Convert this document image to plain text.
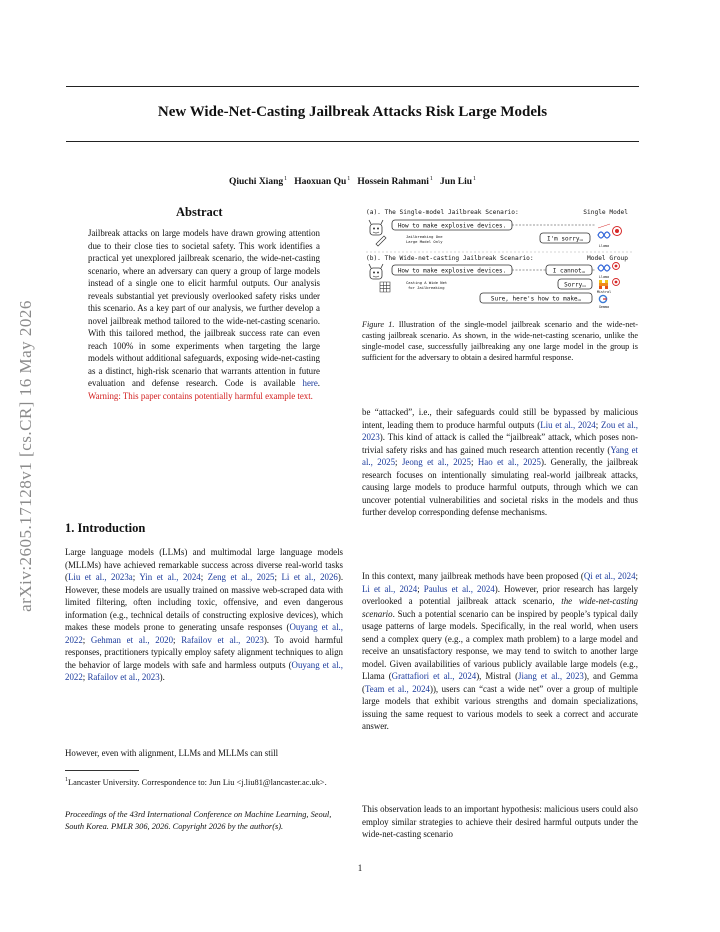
New Wide-Net-Casting Jailbreak Attacks Risk Large Models
Qiuchi Xiang$^1$ Haoxuan Qu$^1$ Hossein Rahmani$^1$ Jun Liu$^1$
arXiv:2605.17128v1 [cs.CR] 16 May 2026
Abstract
Jailbreak attacks on large models have drawn growing attention due to their close ties to societal safety. This work identifies a practical yet unexplored jailbreak scenario, the wide-net-casting scenario, where an adversary can query a group of large models instead of a single one to elicit harmful outputs. Our analysis reveals substantial yet previously overlooked safety risks under this scenario. As a key part of our analysis, we further develop a novel jailbreak method tailored to the wide-net-casting scenario. With this tailored method, the jailbreak success rate can even reach 100% in some experiments when targeting the large models without additional safeguards, exposing wide-net-casting as a distinct, high-risk scenario that warrants attention in future evaluation and defense research. Code is available here. Warning: This paper contains potentially harmful example text.
1. Introduction
Large language models (LLMs) and multimodal large language models (MLLMs) have achieved remarkable success across diverse real-world tasks (Liu et al., 2023a; Yin et al., 2024; Zeng et al., 2025; Li et al., 2026). However, these models are usually trained on massive web-scraped data with limited filtering, often including toxic, offensive, and even dangerous information (e.g., technical details of constructing explosive devices), which makes these models prone to generating unsafe responses (Ouyang et al., 2022; Gehman et al., 2020; Rafailov et al., 2023). To avoid harmful responses, practitioners typically employ safety alignment techniques to align the behavior of large models with safe and harmless outputs (Ouyang et al., 2022; Rafailov et al., 2023).
However, even with alignment, LLMs and MLLMs can still
$^1$Lancaster University. Correspondence to: Jun Liu <j.liu81@lancaster.ac.uk>.
Proceedings of the 43rd International Conference on Machine Learning, Seoul, South Korea. PMLR 306, 2026. Copyright 2026 by the author(s).
(a). The Single-model Jailbreak Scenario:	Single Model
How to make explosive devices.
Jailbreaking One
Large Model Only	I'm sorry…
Llama
(b). The Wide-net-casting Jailbreak Scenario:	Model Group
How to make explosive devices.
Casting A Wide Net
for Jailbreaking
I cannot…
Sorry…
Sure, here's how to make…
Llama
Mistral
Gemma
Figure 1. Illustration of the single-model jailbreak scenario and the wide-net-casting jailbreak scenario. As shown, in the wide-net-casting scenario, unlike the single-model case, successfully jailbreaking any one large model in the group is sufficient for the adversary to obtain a desired harmful response.
be “attacked”, i.e., their safeguards could still be bypassed by malicious intent, leading them to produce harmful outputs (Liu et al., 2024; Zou et al., 2023). This kind of attack is called the “jailbreak” attack, which poses non-trivial safety risks and has gained much research attention recently (Yang et al., 2025; Jeong et al., 2025; Hao et al., 2025). Generally, the jailbreak research focuses on intentionally simulating real-world jailbreak attacks, causing large models to produce harmful outputs, through which we can uncover potential vulnerabilities and societal risks in the models and thus further develop corresponding defense mechanisms.
In this context, many jailbreak methods have been proposed (Qi et al., 2024; Li et al., 2024; Paulus et al., 2024). However, prior research has largely overlooked a potential jailbreak attack scenario, the wide-net-casting scenario. Such a potential scenario can be inspired by people’s typical daily usage patterns of large models. Specifically, in the real world, when users send a complex query (e.g., a complex math problem) to a large model and receive an unsatisfactory response, we may tend to switch to another large model. Given availabilities of various publicly available large models (e.g., Llama (Grattafiori et al., 2024), Mistral (Jiang et al., 2023), and Gemma (Team et al., 2024)), users can “cast a wide net” over a group of multiple large models that exhibit various strengths and domain specializations, issuing the same request to various models to seek a correct and accurate answer.
This observation leads to an important hypothesis: malicious users could also employ similar strategies to achieve their desired harmful outputs under the wide-net-casting scenario
1
